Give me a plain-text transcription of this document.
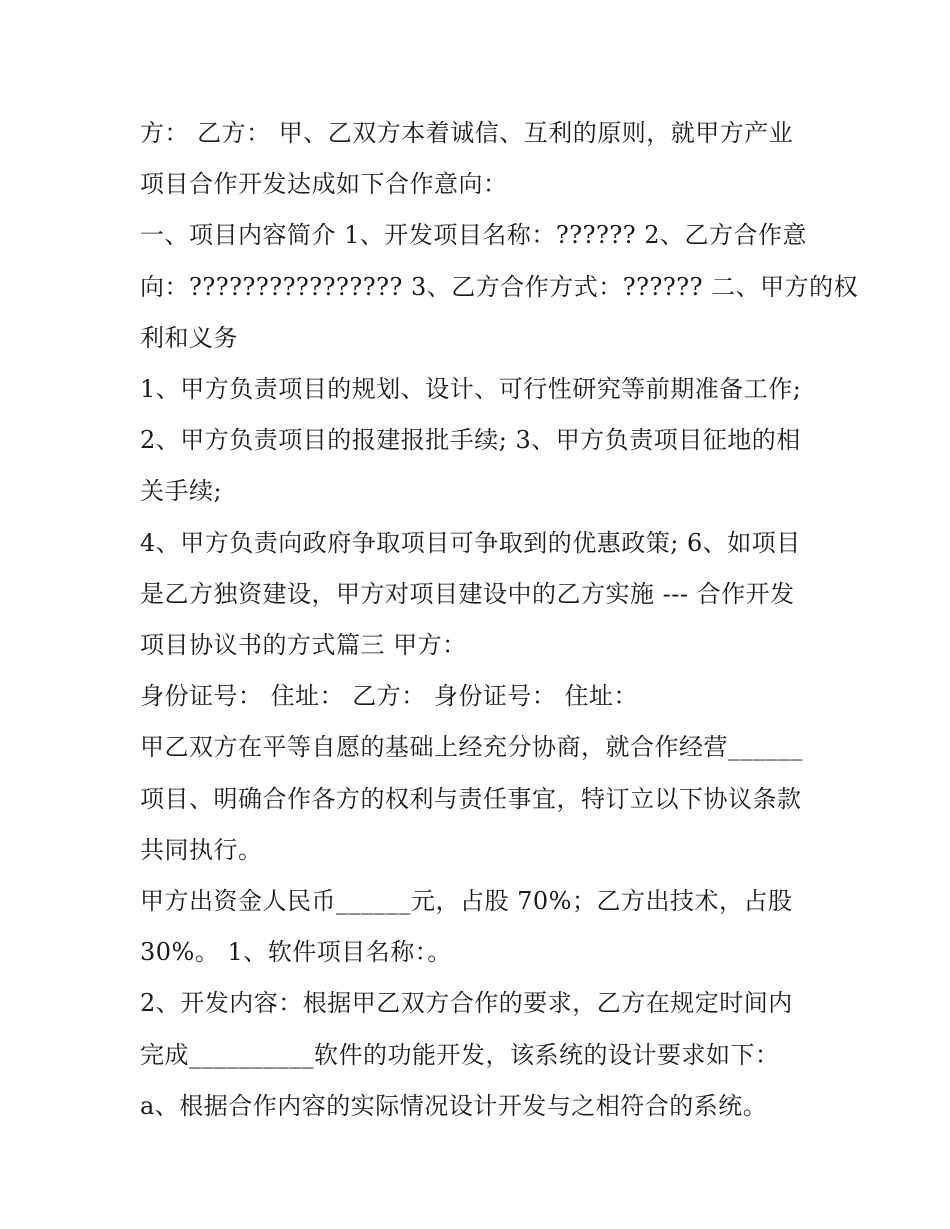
方： 乙方： 甲、乙双方本着诚信、互利的原则，就甲方产业
项目合作开发达成如下合作意向：
一、项目内容简介 1、开发项目名称：?????? 2、乙方合作意
向：???????????????? 3、乙方合作方式：?????? 二、甲方的权
利和义务
1、甲方负责项目的规划、设计、可行性研究等前期准备工作;
2、甲方负责项目的报建报批手续; 3、甲方负责项目征地的相
关手续;
4、甲方负责向政府争取项目可争取到的优惠政策; 6、如项目
是乙方独资建设，甲方对项目建设中的乙方实施 --- 合作开发
项目协议书的方式篇三 甲方：
身份证号： 住址： 乙方： 身份证号： 住址：
甲乙双方在平等自愿的基础上经充分协商，就合作经营______
项目、明确合作各方的权利与责任事宜，特订立以下协议条款
共同执行。
甲方出资金人民币______元，占股 70%；乙方出技术，占股
30%。 1、软件项目名称：。
2、开发内容：根据甲乙双方合作的要求，乙方在规定时间内
完成__________软件的功能开发，该系统的设计要求如下：
a、根据合作内容的实际情况设计开发与之相符合的系统。
